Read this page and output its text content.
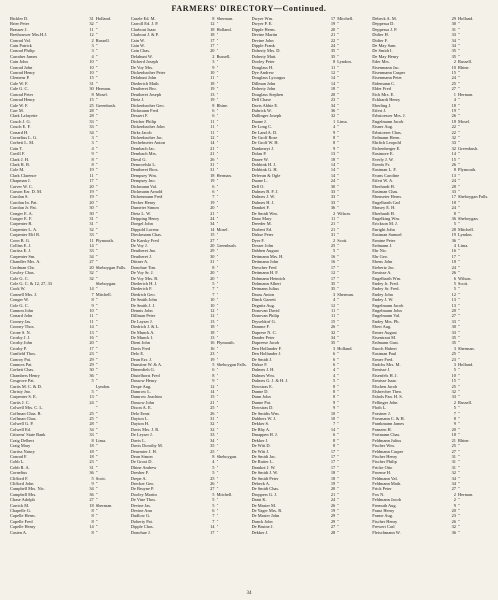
FARMERS' DIRECTORY—Continued.
Bickler D.	31 Holland.
Brier Peter	32 "
Brauser J.	11 "
Brethouwer Mrs.H.J.	12 "
Conrad Val.	2 Russell.
Cain Patrick	3 "
Conrad Philip	3 "
Carraher James	4 "
Cain John	10 "
Conrad John	10 "
Conrad Henry	10 "
Clemens P.	15 "
Cale W. F.	31 "
Cale G. C.	30 Herman.
Conrad Peter	8 Mosel.
Conrad Henry	15 "
Cale W. F.	25 Greenbush.
Carr M.	28 "
Clark Lafayette	28 "
Couch J. G.	33 "
Couch E. F.	33 "
Conard H.	34 "
Cornelius L. G.	3 "
Corbett L. M.	3 "
Cain T.	4 "
Cavill F.	9 "
Clark J. H.	8 "
Clark R. B.	8 "
Cole M.	19 "
Clark Clarence	11 "
Chapman J.	17 "
Carver W. C.	20 "
Carson Ezr. D. M.	19 "
Carolan S.	19 "
Carolan In. Pat.	20 "
Carolan Jr. Pat.	30 "
Conger E. A.	30 "
Conger E. F.	31 "
Carpenter R.	31 "
Carpenter L. A.	32 "
Carpenter Elif R.	33 "
Coon B. G.	11 Plymouth.
Collins E. J.	14 "
Curtiss E. J.	33 "
Carpenter Sm.	34 "
Chandler Mrs. A.	27 "
Cordman Chr.	20 Sheboygan Falls.
Cowley Chas.	32 "
Cole G. C.	32 "
Cole G. C. & 12, 27, 33	Sheboygan.
Cook W.	14 "
Connell Mrs. J.	7 Mitchell.
Conger W.	8 "
Cole G. C.	9 "
Cannon John	10 "
Conard John	11 "
Cooney Jas.	11 "
Cooney Thos.	14 "
Crone S. N.	13 "
Crosby J. J.	16 "
Crosby John	20 "
Crosby P.	17 "
Canfield Thos.	23 "
Conroy Pat.	29 "
Cannors Pat.	29 "
Corbett Chas.	30 "
Chambers Henry	36 "
Cosgrove Pat.	5 "
Curtis M. C. & D.	Lyndon.
Christy Jno.	5 "
Carpenter S. E.	13 "
Curtis J. C.	24 "
Colwell Mrs. C. L.	"
Coffman Chas. R.	25 "
Coffman Chas.	25 "
Colwell G. P.	28 "
Colwell Ed.	34 "
Citizens' State Bank	33 "
Craig Delbert	8 Lima.
Craig Mary	18 "
Curtiss Nancy	18 "
Conrad F.	18 "
Cobb L.	23 "
Cobb R. A.	31 "
Cornelius	36 "
Clifford F.	5 Scott.
Clifford John	9 "
Campbell Mrs. Nic.	34 "
Campbell Mrs.	36 "
Chase Adolph	27 "
Carrick M.	18 Sherman.
Chapelle G.	8 "
Capelle Herm.	8 "
Capelle Fred	8 "
Capelle Henry	14 "
Casten A.	8 "
Casele Ed. M.	8 Sherman.
Carroll Ed. J. P.	12 "
Clarbout Isaac	18 Holland.
Clarbout J. & P.	18 "
Cain W.	17 "
Cain W.	17 "
Cain Chas.	20 "
Delahunt W.	2 Russell.
Dickerd Joseph	3 "
De Voy Mrs.	9 "
Dickenbacher Peter	10 "
Delahunt John	11 "
Diederich Math.	18 "
Deutheret Bro.	19 "
Deutheret Joseph	13 "
Dietz J.	19 "
Dickenbacher Geo.	8 Rhine.
Dickmann Fred	6 "
Dessert F.	6 "
Deicher Philip	11 "
Dickenbacher John	11 "
Dirks Jacob	11 "
Dickenbacher Jac.	12 "
Dechelmeier Anton	14 "
Dembach Jac.	21 "
Dembach Mrs.	21 "
Diestl G.	26 "
Demorelski L.	31 "
Deutheret Bros.	31 "
Dempsey Wm.	18 Herman.
Dempsey Jno.	19 "
Dickmann Val.	6 "
Dickmann Arnold	6 "
Dickenmann Fred	7 "
Decker Henry	19 "
Dumeier Simon	20 "
Dietz L. W.	21 "
Deipping Henry	24 "
Doegel John	34 "
Dippold Lorenz	14 Mosel.
Dieckmann Chas.	15 "
De Karsky Fred	27 "
De Voy J.	20 Greenbush.
Deutheret Jno.	29 "
Deutheret J.	30 "
Dittner A.	31 "
Donohue Tim.	8 "
De Voy Sr. J.	20 "
De Voy Mrs. B.	20 "
Diederich H. J.	5 "
Diederich F.	7 "
Diedrich Geo.	7 "
De Smith John	10 "
De Smith J. J.	10 "
Dennis John	12 "
Dillman Peter	12 "
De Layser J.	13 "
Diedrich J. & L.	18 "
De Munck A.	18 "
De Munck I.	13 "
Dieni John	16 Plymouth.
Davis Fred	16 "
Delo E.	23 "
Dean Ezr. J.	19 "
Dunstine W. & A.	5 Sheboygan Falls.
Dimerdieh G.	6 "
Diutelhorst Fred	8 "
Dassow Henry	9 "
Despe Aug.	12 "
Damrow L.	14 "
Damrow Joachim	15 "
Dassow John	21 "
Dixon A. E.	25 "
Delo Ernst	26 "
Dayton L.	31 "
Dayton H.	32 "
Davis Mrs. J. R.	32 "
De Leyser J.	33 "
Davis L.	34 "
Davis Dorothy M.	35 "
Deurmier J. H.	25 "
Dean Simon	8 Sheboygan.
De Groot D.	4 "
Dhine Andrew	5 "
Dresher F.	5 "
Drepe A.	25 "
Drecker Geo.	26 "
De Bruyne P.	27 "
Dooley Martin	5 Mitchell.
De Vine Thos.	5 "
Devine Jas.	5 "
Devine Ann	6 "
Dudlow G.	7 "
Doherty Pat.	7 "
Dipple Chas.	14 "
Donohue J.	17 "
Dwyer Wm.	17 Mitchell.
Dwyer P. E.	19 "
Dipple Herm.	20 "
Devine Martin	21 "
Devine John	22 "
Dipple Frank	24 "
Doherty Mrs. D.	35 "
Doherty Matt.	35 "
Dooley Peter	8 Lyndon.
Douglass H.	11 "
Dye Andrew	12 "
Douglass Lycurgus	14 "
Dillman John	14 "
Doherty John	18 "
Douglass Stephen	20 "
Dell Chase	23 "
Davis Abbie E.	34 "
Dubrick W.	36 "
Dullinger Joseph	32 "
Duane J.	1 Lima.
De Long C.	4 "
De Land A. D.	9 "
De Groff Rose	8 "
De Groff W. H.	8 "
Dunkmeyt J.	9 "
Dolan P.	13 "
Danee W.	18 "
Dobbink H. J.	14 "
Dobbink G. H.	14 "
Delevan & Ogle	14 "
Duane L.	24 "
Dell O.	30 "
Dulmes B. F. J.	33 "
Dulmes J. W.	33 "
Dulmes H. J.	33 "
Damket F.	36 "
De Smidt Wm.	2 Wilson.
Dano Mary	11 "
Dreeder M.	21 "
Dorbert Ed.	21 "
Dirkse Peter	31 "
Dyer F.	2 Scott.
Dosser John	25 "
Dabben August	5 "
Dettmann Mrs. H.	16 "
Dettmann John	16 "
Drescher Fred	17 "
Dettmann H. F.	12 "
Dohmann Heinrich	17 "
Dohmann Albert	35 "
Detmann Julius	35 "
Dauss Anton	3 Sherman.
Dinck Garrett	4 "
Degnitz Aug.	12 "
Donovan David	11 "
Donovan Philip	11 "
Dryseldorf G.	15 "
Damme F.	26 "
Duprese N. C.	32 "
Dander Peter	34 "
Dupreese Jacob	35 "
Den Hollander F.	3 Holland.
Den Hollander J.	6 "
De Smidt J.	6 "
Dirkse F.	6 "
Dulmes J. H.	4 "
Dulmes Wm.	4 "
Dulmes G. J. & H. J.	5 "
Dowstras E.	8 "
Dunne D.	8 "
Dunn John	8 "
Dunne Pat.	9 "
Dowstras D.	9 "
De Smidts Wm.	10 "
Dubbers W. J.	10 "
Dekker S.	7 "
De Rhy A.	14 "
Dmappen H. J.	6 "
Dekker J.	8 "
De Witt D.	8 "
De Witt J.	17 "
De Smidt Jac.	17 "
De Ruiter L.	17 "
Damkot J. W.	17 "
De Smidt J. W.	18 "
De Smidt Peter	18 "
Debeck A.	19 "
De Smidt Chas.	20 "
Droppers G. J.	21 "
Damt K.	24 "
De Master M.	26 "
De Yager Mrs. R.	19 "
De Master John	29 "
Dunck John	29 "
De Bruine J.	27 "
Dekker J.	28 "
Debeck A. M.	29 Holland.
Deppessa D.	30 "
Deppessa J. P.	31 "
Didier H.	33 "
Didier F.	34 "
De May Sam.	34 "
De Smidt I.	35 "
De May Henry	35 "
Eder Mrs.	2 Russell.
Eisenmann Jac.	10 Rhine.
Eisenmann Casper	15 "
Eisenmann Peter	24 "
Eidemann C.	25 "
Elder Fred	27 "
Eich Mrs. E.	1 Herman.
Eckhardt Henry	4 "
Eberling J.	18 "
Eifert J.	19 "
Erbstoesser Mrs. J.	26 "
Engelmann Jacob	18 Mosel.
Eisner Aug.	22 "
Erbstoeser Chas.	22 "
Erdmann Herm.	32 "
Ehrlich Leopold	33 "
Eichenberger E.	32 Greenbush.
Eastmore E.	14 "
Everly J. W.	15 "
Ereeds Fr.	26 "
Eastman L. F.	8 Plymouth.
Evans Caroline	13 "
Eifert W. A.	24 "
Eberhardt H.	28 "
Eastman Chas.	33 "
Ebenseter Herm.	17 Sheboygan Falls.
Engelbarth Carl	18 "
Ebnsey E. H.	24 "
Eberhardt H.	8 "
Engelking Wm.	36 Sheboygan.
Erickson M. J.	5 "
Enright John	28 Mitchell.
Eastman Samuel	19 Lyndon.
Ermine Peter	36 "
Erdmann J.	4 Lima.
Ehr Nic.	16 "
Ehr Geo.	17 "
Ebens John	18 "
Eiebertz Jac.	24 "
Ermisse A.	26 "
Engelbarth Wm.	6 Wilson.
Endey Jr. Fred.	5 Scott.
Endey Sr. Fred.	5 "
Endey John	12 "
Endey J. W.	13 "
Engelmann Jacob	13 "
Engelmann John	20 "
Engelmann Val.	27 "
Endey Mrs. Ph.	33 "
Ebert Aug.	30 "
Ermer August	33 "
Eisentraut M.	35 "
Erdmann Gust.	35 "
Enoch Hubert	3 Sherman.
Eastman Paul	25 "
Ermer Fred.	23 "
Endchs Mrs. M.	3 Holland.
Ermisse J.	5 "
Eisenfels H. J.	10 "
Ermisse Isaac	15 "
Elschen Jacob	25 "
Elsbrecher Theo.	32 "
Eshols Pan. H. S.	33 "
Fellinger John	2 Russell.
Floth L.	5 "
Forstner J.	7 "
Forsmann C. & H.	8 "
Frankmann James	9 "
Franzen H.	20 "
Fortmann Chas.	18 "
Feldmann Julius	21 Rhine.
Fischer Wm.	25 "
Feldmann Casper	27 "
Fischer Henry	31 "
Fischer Philip	31 "
Fricke Otto	31 "
Froeme H.	32 "
Feldmann Val.	34 "
Feldmann Math.	34 "
Frick Peter	27 "
Fox N.	2 Herman.
Feldmann Jacob	2 "
Fremuth Aug.	9 "
Franz Henry	20 "
Frame Aug.	23 "
Fischer Henry	26 "
Frewert Carl	32 "
Fleischmann W.	36 "
34
